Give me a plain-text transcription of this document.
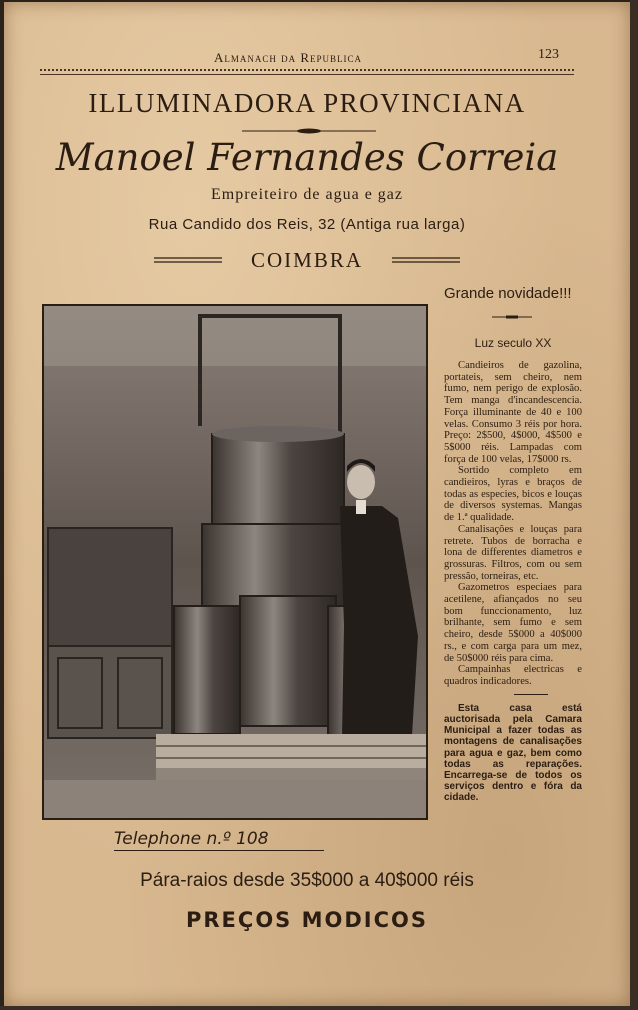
Almanach da Republica	123
ILLUMINADORA PROVINCIANA
Manoel Fernandes Correia
Empreiteiro de agua e gaz
Rua Candido dos Reis, 32 (Antiga rua larga)
COIMBRA
Telephone n.º 108
Grande novidade!!!
Luz seculo XX

Candieiros de gazolina, portateis, sem cheiro, nem fumo, nem perigo de explosão. Tem manga d'incandescencia. Força illuminante de 40 e 100 velas. Consumo 3 réis por hora. Preço: 2$500, 4$000, 4$500 e 5$000 réis. Lampadas com força de 100 velas, 17$000 rs.

Sortido completo em candieiros, lyras e braços de todas as especies, bicos e louças de diversos systemas. Mangas de 1.ª qualidade.

Canalisações e louças para retrete. Tubos de borracha e lona de differentes diametros e grossuras. Filtros, com ou sem pressão, torneiras, etc.

Gazometros especiaes para acetilene, afiançados no seu bom funccionamento, luz brilhante, sem fumo e sem cheiro, desde 5$000 a 40$000 rs., e com carga para um mez, de 50$000 réis para cima.

Campainhas electricas e quadros indicadores.

Esta casa está auctorisada pela Camara Municipal a fazer todas as montagens de canalisações para agua e gaz, bem como todas as reparações. Encarrega-se de todos os serviços dentro e fóra da cidade.

Pára-raios desde 35$000 a 40$000 réis
PREÇOS MODICOS
